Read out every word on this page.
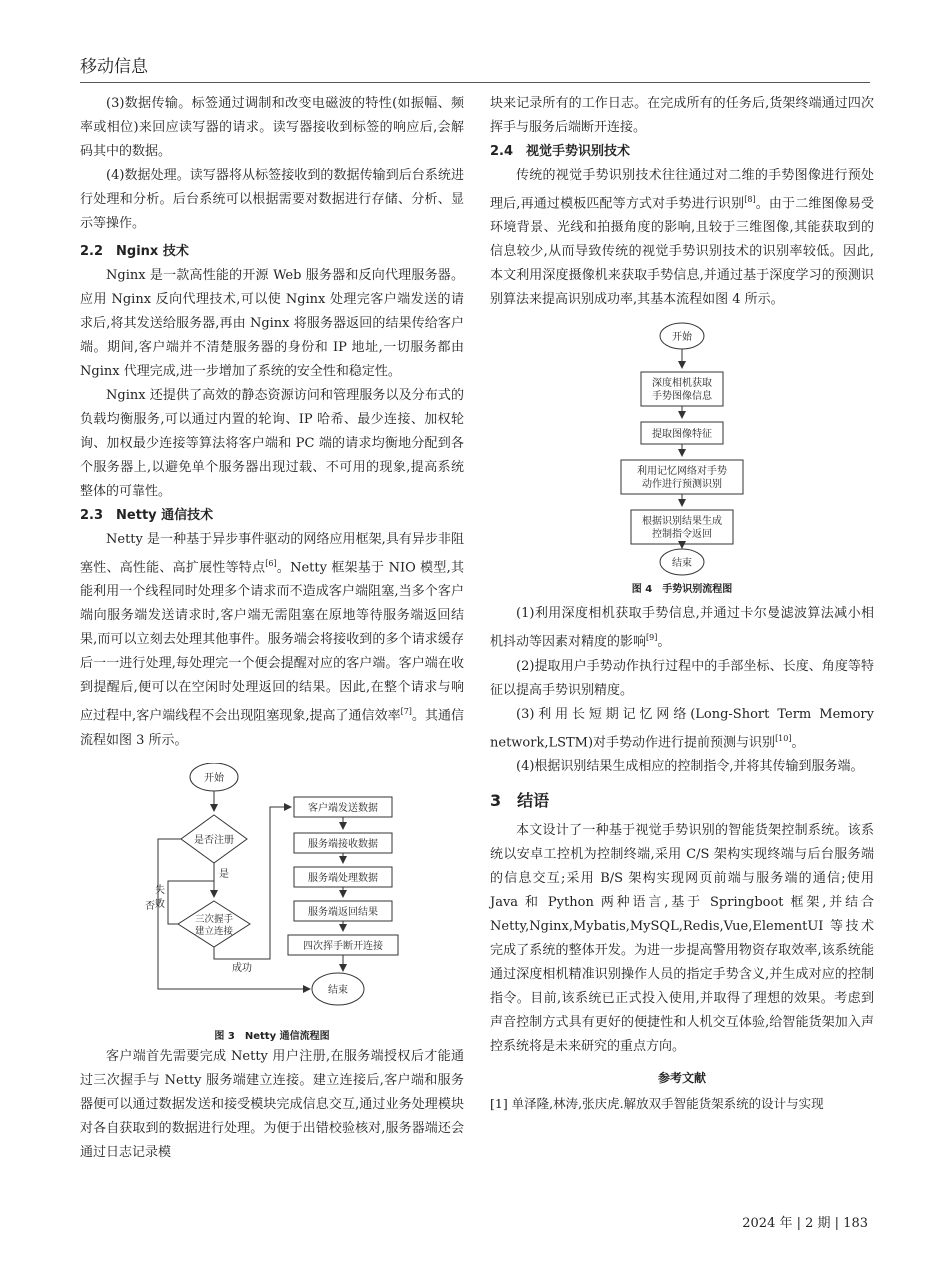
移动信息

(3)数据传输。标签通过调制和改变电磁波的特性(如振幅、频率或相位)来回应读写器的请求。读写器接收到标签的响应后,会解码其中的数据。

(4)数据处理。读写器将从标签接收到的数据传输到后台系统进行处理和分析。后台系统可以根据需要对数据进行存储、分析、显示等操作。

2.2　Nginx 技术

Nginx 是一款高性能的开源 Web 服务器和反向代理服务器。应用 Nginx 反向代理技术,可以使 Nginx 处理完客户端发送的请求后,将其发送给服务器,再由 Nginx 将服务器返回的结果传给客户端。期间,客户端并不清楚服务器的身份和 IP 地址,一切服务都由 Nginx 代理完成,进一步增加了系统的安全性和稳定性。

Nginx 还提供了高效的静态资源访问和管理服务以及分布式的负载均衡服务,可以通过内置的轮询、IP 哈希、最少连接、加权轮询、加权最少连接等算法将客户端和 PC 端的请求均衡地分配到各个服务器上,以避免单个服务器出现过载、不可用的现象,提高系统整体的可靠性。

2.3　Netty 通信技术

Netty 是一种基于异步事件驱动的网络应用框架,具有异步非阻塞性、高性能、高扩展性等特点[6]。Netty 框架基于 NIO 模型,其能利用一个线程同时处理多个请求而不造成客户端阻塞,当多个客户端向服务端发送请求时,客户端无需阻塞在原地等待服务端返回结果,而可以立刻去处理其他事件。服务端会将接收到的多个请求缓存后一一进行处理,每处理完一个便会提醒对应的客户端。客户端在收到提醒后,便可以在空闲时处理返回的结果。因此,在整个请求与响应过程中,客户端线程不会出现阻塞现象,提高了通信效率[7]。其通信流程如图 3 所示。

开始
是否注册
是
否
失
败
三次握手
建立连接
成功
客户端发送数据
服务端接收数据
服务端处理数据
服务端返回结果
四次挥手断开连接
结束
图 3　Netty 通信流程图

客户端首先需要完成 Netty 用户注册,在服务端授权后才能通过三次握手与 Netty 服务端建立连接。建立连接后,客户端和服务器便可以通过数据发送和接受模块完成信息交互,通过业务处理模块对各自获取到的数据进行处理。为便于出错校验核对,服务器端还会通过日志记录模

块来记录所有的工作日志。在完成所有的任务后,货架终端通过四次挥手与服务后端断开连接。

2.4　视觉手势识别技术

传统的视觉手势识别技术往往通过对二维的手势图像进行预处理后,再通过模板匹配等方式对手势进行识别[8]。由于二维图像易受环境背景、光线和拍摄角度的影响,且较于三维图像,其能获取到的信息较少,从而导致传统的视觉手势识别技术的识别率较低。因此,本文利用深度摄像机来获取手势信息,并通过基于深度学习的预测识别算法来提高识别成功率,其基本流程如图 4 所示。

开始
深度相机获取
手势图像信息
提取图像特征
利用记忆网络对手势
动作进行预测识别
根据识别结果生成
控制指令返回
结束
图 4　手势识别流程图

(1)利用深度相机获取手势信息,并通过卡尔曼滤波算法减小相机抖动等因素对精度的影响[9]。

(2)提取用户手势动作执行过程中的手部坐标、长度、角度等特征以提高手势识别精度。

(3)利用长短期记忆网络(Long-Short Term Memory network,LSTM)对手势动作进行提前预测与识别[10]。

(4)根据识别结果生成相应的控制指令,并将其传输到服务端。

3　结语

本文设计了一种基于视觉手势识别的智能货架控制系统。该系统以安卓工控机为控制终端,采用 C/S 架构实现终端与后台服务端的信息交互;采用 B/S 架构实现网页前端与服务端的通信;使用 Java 和 Python 两种语言,基于 Springboot 框架,并结合 Netty,Nginx,Mybatis,MySQL,Redis,Vue,ElementUI 等技术完成了系统的整体开发。为进一步提高警用物资存取效率,该系统能通过深度相机精准识别操作人员的指定手势含义,并生成对应的控制指令。目前,该系统已正式投入使用,并取得了理想的效果。考虑到声音控制方式具有更好的便捷性和人机交互体验,给智能货架加入声控系统将是未来研究的重点方向。

参考文献

[1] 单泽隆,林涛,张庆虎.解放双手智能货架系统的设计与实现

2024 年 | 2 期 | 183
